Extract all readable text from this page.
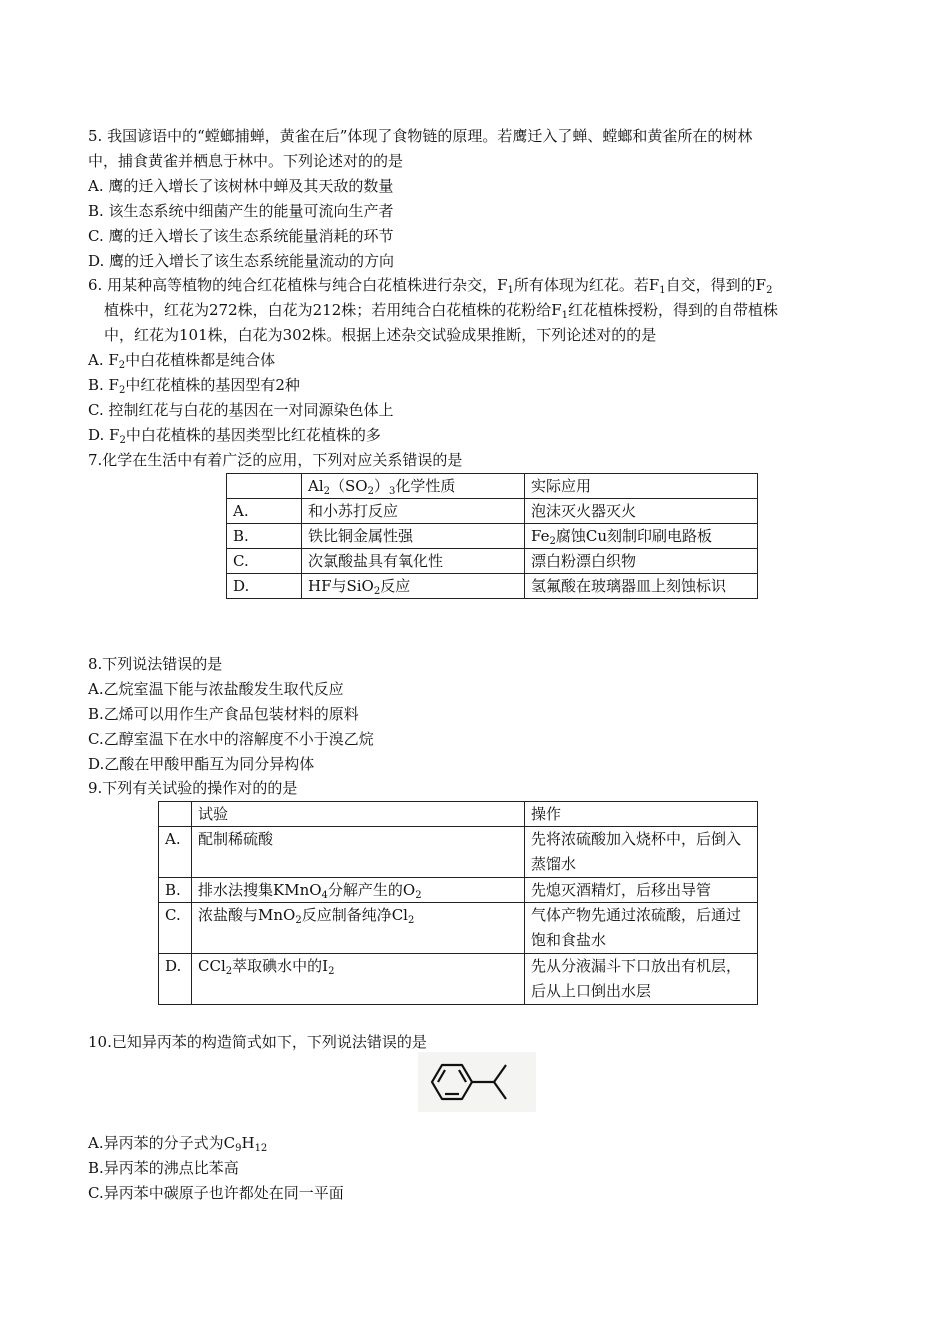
5. 我国谚语中的“螳螂捕蝉，黄雀在后”体现了食物链的原理。若鹰迁入了蝉、螳螂和黄雀所在的树林
中，捕食黄雀并栖息于林中。下列论述对的的是
A. 鹰的迁入增长了该树林中蝉及其天敌的数量
B. 该生态系统中细菌产生的能量可流向生产者
C. 鹰的迁入增长了该生态系统能量消耗的环节
D. 鹰的迁入增长了该生态系统能量流动的方向
6. 用某种高等植物的纯合红花植株与纯合白花植株进行杂交，$F_1$所有体现为红花。若$F_1$自交，得到的$F_2$
植株中，红花为272株，白花为212株；若用纯合白花植株的花粉给$F_1$红花植株授粉，得到的自带植株
中，红花为101株，白花为302株。根据上述杂交试验成果推断，下列论述对的的是
A. $F_2$中白花植株都是纯合体
B. $F_2$中红花植株的基因型有2种
C. 控制红花与白花的基因在一对同源染色体上
D. $F_2$中白花植株的基因类型比红花植株的多
7.化学在生活中有着广泛的应用，下列对应关系错误的是
	$Al_2(SO_2)_3$化学性质	实际应用
A.	和小苏打反应	泡沫灭火器灭火
B.	铁比铜金属性强	$Fe_2$腐蚀Cu刻制印刷电路板
C.	次氯酸盐具有氧化性	漂白粉漂白织物
D.	HF与SiO$_2$反应	氢氟酸在玻璃器皿上刻蚀标识
8.下列说法错误的是
A.乙烷室温下能与浓盐酸发生取代反应
B.乙烯可以用作生产食品包装材料的原料
C.乙醇室温下在水中的溶解度不小于溴乙烷
D.乙酸在甲酸甲酯互为同分异构体
9.下列有关试验的操作对的的是
	试验	操作
A.	配制稀硫酸	先将浓硫酸加入烧杯中，后倒入蒸馏水
B.	排水法搜集KMnO$_4$分解产生的$O_2$	先熄灭酒精灯，后移出导管
C.	浓盐酸与MnO$_2$反应制备纯净$Cl_2$	气体产物先通过浓硫酸，后通过饱和食盐水
D.	CCl$_2$萃取碘水中的$I_2$	先从分液漏斗下口放出有机层，后从上口倒出水层
10.已知异丙苯的构造简式如下，下列说法错误的是
A.异丙苯的分子式为$C_9H_{12}$
B.异丙苯的沸点比苯高
C.异丙苯中碳原子也许都处在同一平面
